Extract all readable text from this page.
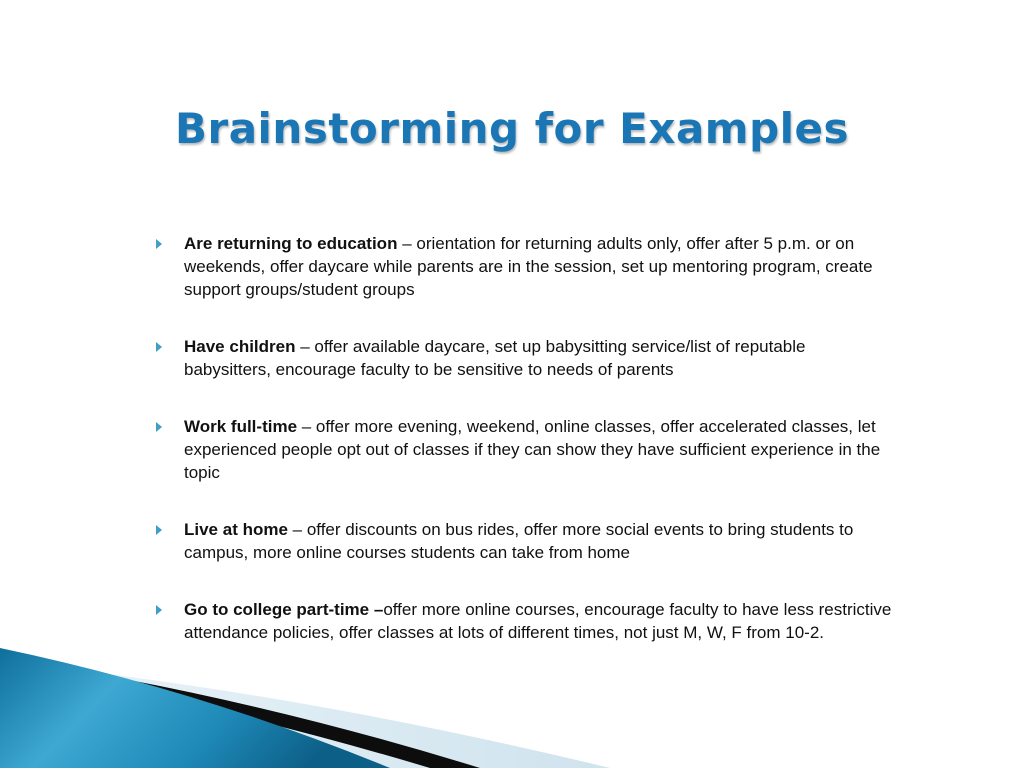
Brainstorming for Examples
Are returning to education – orientation for returning adults only, offer after 5 p.m. or on weekends, offer daycare while parents are in the session, set up mentoring program, create support groups/student groups
Have children – offer available daycare, set up babysitting service/list of reputable babysitters, encourage faculty to be sensitive to needs of parents
Work full-time – offer more evening, weekend, online classes, offer accelerated classes, let experienced people opt out of classes if they can show they have sufficient experience in the topic
Live at home – offer discounts on bus rides, offer more social events to bring students to campus, more online courses students can take from home
Go to college part-time –offer more online courses, encourage faculty to have less restrictive attendance policies, offer classes at lots of different times, not just M, W, F from 10-2.
